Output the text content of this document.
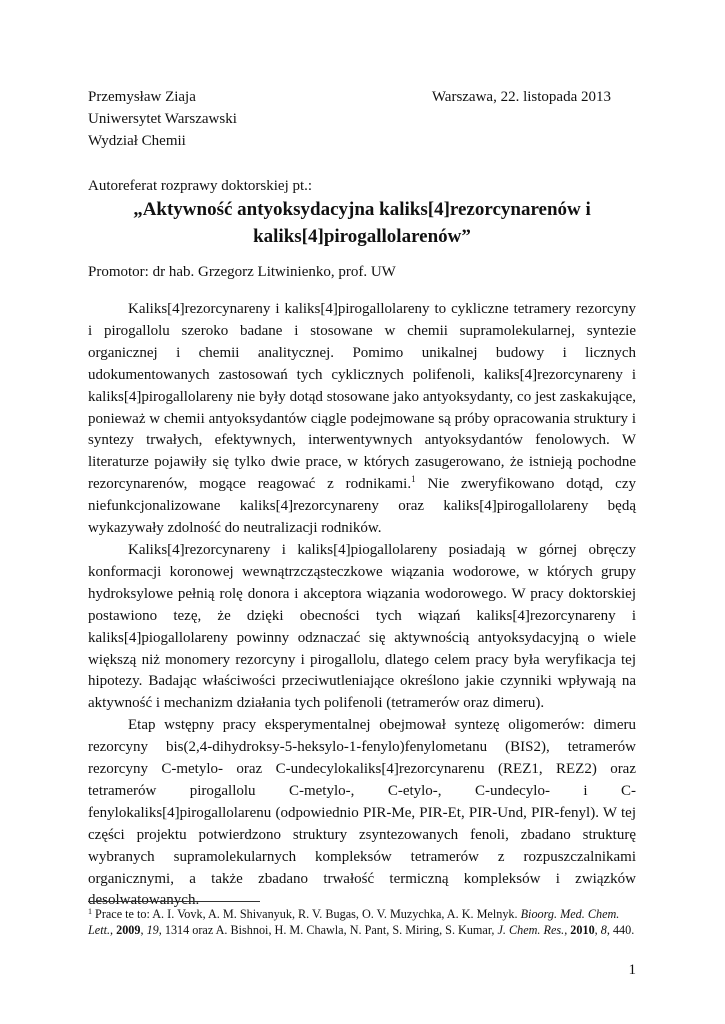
Przemysław Ziaja
Uniwersytet Warszawski
Wydział Chemii
Warszawa, 22. listopada 2013
Autoreferat rozprawy doktorskiej pt.:
„Aktywność antyoksydacyjna kaliks[4]rezorcynarenów i
kaliks[4]pirogallolarenów”
Promotor: dr hab. Grzegorz Litwinienko, prof. UW

Kaliks[4]rezorcynareny i kaliks[4]pirogallolareny to cykliczne tetramery rezorcyny i pirogallolu szeroko badane i stosowane w chemii supramolekularnej, syntezie organicznej i chemii analitycznej. Pomimo unikalnej budowy i licznych udokumentowanych zastosowań tych cyklicznych polifenoli, kaliks[4]rezorcynareny i kaliks[4]pirogallolareny nie były dotąd stosowane jako antyoksydanty, co jest zaskakujące, ponieważ w chemii antyoksydantów ciągle podejmowane są próby opracowania struktury i syntezy trwałych, efektywnych, interwentywnych antyoksydantów fenolowych. W literaturze pojawiły się tylko dwie prace, w których zasugerowano, że istnieją pochodne rezorcynarenów, mogące reagować z rodnikami.$^1$ Nie zweryfikowano dotąd, czy niefunkcjonalizowane kaliks[4]rezorcynareny oraz kaliks[4]pirogallolareny będą wykazywały zdolność do neutralizacji rodników.

Kaliks[4]rezorcynareny i kaliks[4]piogallolareny posiadają w górnej obręczy konformacji koronowej wewnątrzcząsteczkowe wiązania wodorowe, w których grupy hydroksylowe pełnią rolę donora i akceptora wiązania wodorowego. W pracy doktorskiej postawiono tezę, że dzięki obecności tych wiązań kaliks[4]rezorcynareny i kaliks[4]piogallolareny powinny odznaczać się aktywnością antyoksydacyjną o wiele większą niż monomery rezorcyny i pirogallolu, dlatego celem pracy była weryfikacja tej hipotezy. Badając właściwości przeciwutleniające określono jakie czynniki wpływają na aktywność i mechanizm działania tych polifenoli (tetramerów oraz dimeru).

Etap wstępny pracy eksperymentalnej obejmował syntezę oligomerów: dimeru rezorcyny bis(2,4-dihydroksy-5-heksylo-1-fenylo)fenylometanu (BIS2), tetramerów rezorcyny C-metylo- oraz C-undecylokaliks[4]rezorcynarenu (REZ1, REZ2) oraz tetramerów pirogallolu C-metylo-, C-etylo-, C-undecylo- i C-fenylokaliks[4]pirogallolarenu (odpowiednio PIR-Me, PIR-Et, PIR-Und, PIR-fenyl). W tej części projektu potwierdzono struktury zsyntezowanych fenoli, zbadano strukturę wybranych supramolekularnych kompleksów tetramerów z rozpuszczalnikami organicznymi, a także zbadano trwałość termiczną kompleksów i związków desolwatowanych.

$^1$ Prace te to: A. I. Vovk, A. M. Shivanyuk, R. V. Bugas, O. V. Muzychka, A. K. Melnyk. Bioorg. Med. Chem. Lett., 2009, 19, 1314 oraz A. Bishnoi, H. M. Chawla, N. Pant, S. Miring, S. Kumar, J. Chem. Res., 2010, 8, 440.
1
